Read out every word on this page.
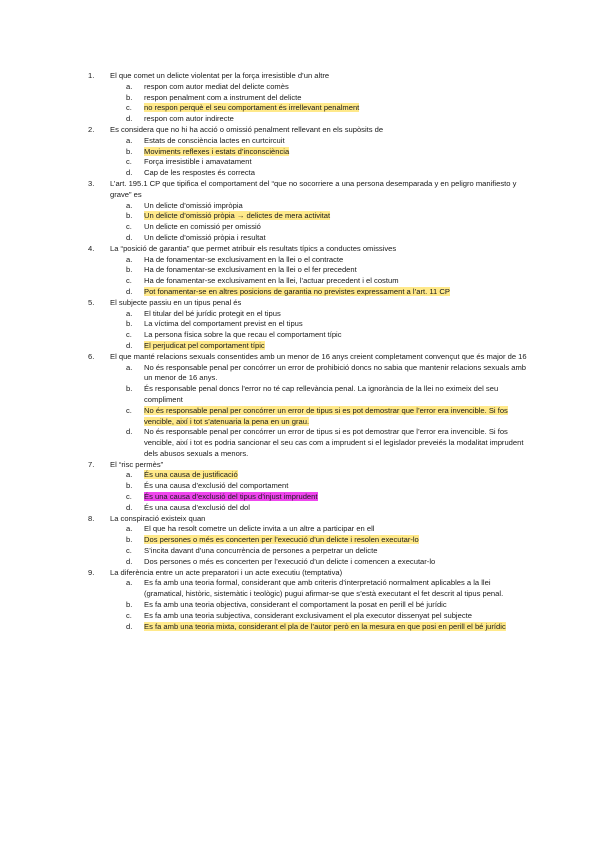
1.	El que comet un delicte violentat per la força irresistible d’un altre
a.	respon com autor mediat del delicte comès
b.	respon penalment com a instrument del delicte
c.	no respon perquè el seu comportament és irrellevant penalment
d.	respon com autor indirecte
2.	Es considera que no hi ha acció o omissió penalment rellevant en els supòsits de
a.	Estats de consciència lactes en curtcircuit
b.	Moviments reflexes i estats d’inconsciència
c.	Força irresistible i amavatament
d.	Cap de les respostes és correcta
3.	L’art. 195.1 CP que tipifica el comportament del “que no socorriere a una persona desemparada y en peligro manifiesto y grave” es
a.	Un delicte d’omissió impròpia
b.	Un delicte d’omissió pròpia → delictes de mera activitat
c.	Un delicte en comissió per omissió
d.	Un delicte d’omissió pròpia i resultat
4.	La “posició de garantia” que permet atribuir els resultats típics a conductes omissives
a.	Ha de fonamentar-se exclusivament en la llei o el contracte
b.	Ha de fonamentar-se exclusivament en la llei o el fer precedent
c.	Ha de fonamentar-se exclusivament en la llei, l’actuar precedent i el costum
d.	Pot fonamentar-se en altres posicions de garantia no previstes expressament a l’art. 11 CP
5.	El subjecte passiu en un tipus penal és
a.	El titular del bé jurídic protegit en el tipus
b.	La víctima del comportament previst en el tipus
c.	La persona física sobre la que recau el comportament típic
d.	El perjudicat pel comportament típic
6.	El que manté relacions sexuals consentides amb un menor de 16 anys creient completament convençut que és major de 16
a.	No és responsable penal per concórrer un error de prohibició doncs no sabia que mantenir relacions sexuals amb un menor de 16 anys.
b.	És responsable penal doncs l’error no té cap rellevància penal. La ignorància de la llei no eximeix del seu compliment
c.	No és responsable penal per concórrer un error de tipus si es pot demostrar que l’error era invencible. Si fos vencible, així i tot s’atenuaria la pena en un grau.
d.	No és responsable penal per concórrer un error de tipus si es pot demostrar que l’error era invencible. Si fos vencible, així i tot es podria sancionar el seu cas com a imprudent si el legislador preveiés la modalitat imprudent dels abusos sexuals a menors.
7.	El “risc permès”
a.	És una causa de justificació
b.	És una causa d’exclusió del comportament
c.	És una causa d’exclusió del tipus d’injust imprudent
d.	És una causa d’exclusió del dol
8.	La conspiració existeix quan
a.	El que ha resolt cometre un delicte invita a un altre a participar en ell
b.	Dos persones o més es concerten per l’execució d’un delicte i resolen executar-lo
c.	S’incita davant d’una concurrència de persones a perpetrar un delicte
d.	Dos persones o més es concerten per l’execució d’un delicte i comencen a executar-lo
9.	La diferència entre un acte preparatori i un acte executiu (temptativa)
a.	Es fa amb una teoria formal, considerant que amb criteris d’interpretació normalment aplicables a la llei (gramatical, històric, sistemàtic i teològic) pugui afirmar-se que s’està executant el fet descrit al tipus penal.
b.	Es fa amb una teoria objectiva, considerant el comportament la posat en perill el bé jurídic
c.	Es fa amb una teoria subjectiva, considerant exclusivament el pla executor dissenyat pel subjecte
d.	Es fa amb una teoria mixta, considerant el pla de l’autor però en la mesura en que posi en perill el bé jurídic
